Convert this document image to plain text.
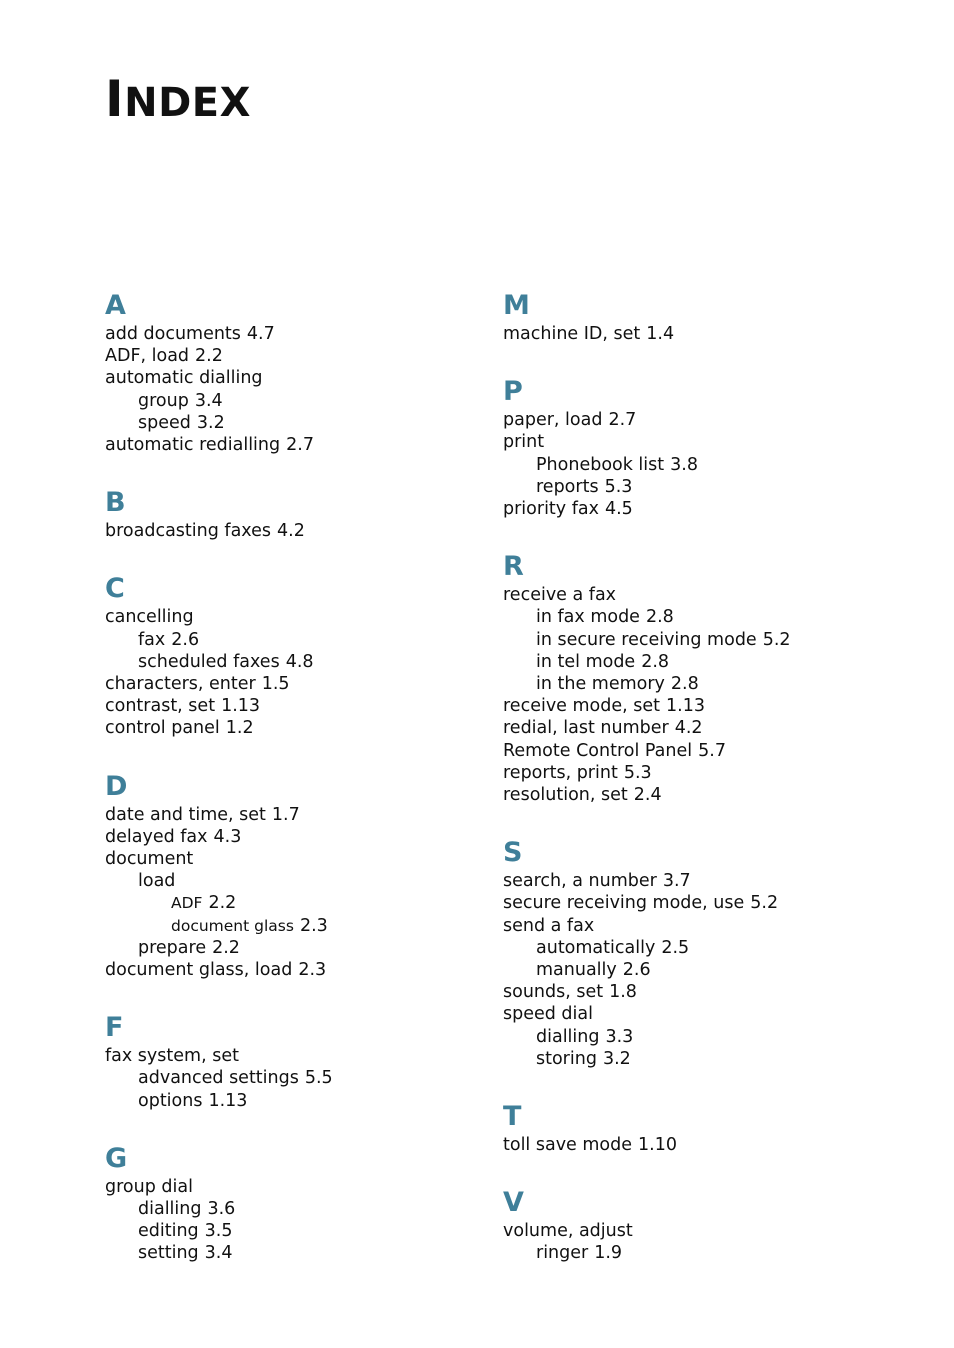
INDEX
A
add documents 4.7
ADF, load 2.2
automatic dialling
group 3.4
speed 3.2
automatic redialling 2.7
B
broadcasting faxes 4.2
C
cancelling
fax 2.6
scheduled faxes 4.8
characters, enter 1.5
contrast, set 1.13
control panel 1.2
D
date and time, set 1.7
delayed fax 4.3
document
load
ADF 2.2
document glass 2.3
prepare 2.2
document glass, load 2.3
F
fax system, set
advanced settings 5.5
options 1.13
G
group dial
dialling 3.6
editing 3.5
setting 3.4
M
machine ID, set 1.4
P
paper, load 2.7
print
Phonebook list 3.8
reports 5.3
priority fax 4.5
R
receive a fax
in fax mode 2.8
in secure receiving mode 5.2
in tel mode 2.8
in the memory 2.8
receive mode, set 1.13
redial, last number 4.2
Remote Control Panel 5.7
reports, print 5.3
resolution, set 2.4
S
search, a number 3.7
secure receiving mode, use 5.2
send a fax
automatically 2.5
manually 2.6
sounds, set 1.8
speed dial
dialling 3.3
storing 3.2
T
toll save mode 1.10
V
volume, adjust
ringer 1.9
